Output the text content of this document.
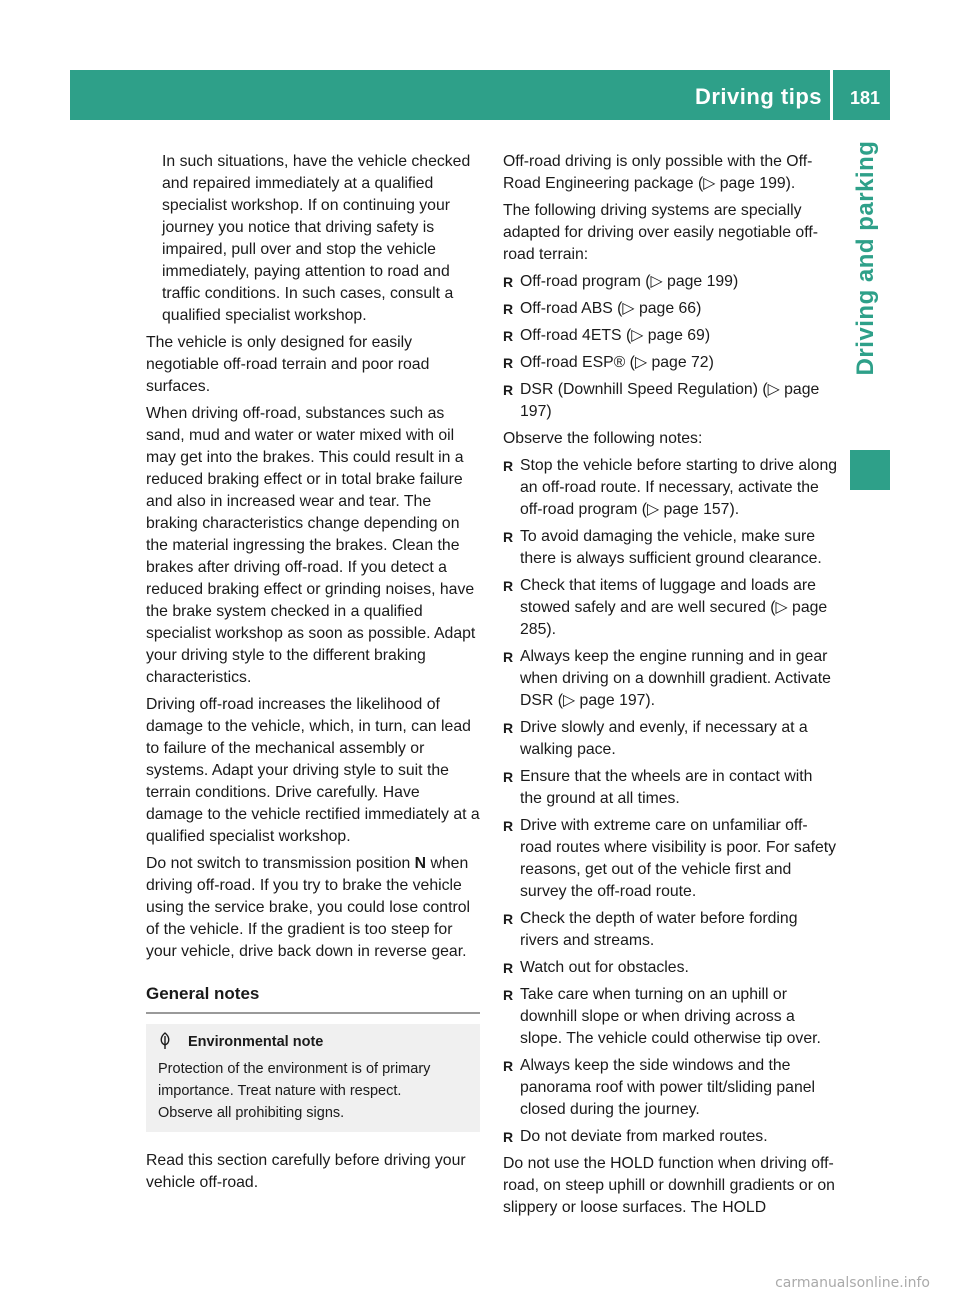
Driving tips	181
Driving and parking

In such situations, have the vehicle checked and repaired immediately at a qualified specialist workshop. If on continuing your journey you notice that driving safety is impaired, pull over and stop the vehicle immediately, paying attention to road and traffic conditions. In such cases, consult a qualified specialist workshop.

The vehicle is only designed for easily negotiable off-road terrain and poor road surfaces.

When driving off-road, substances such as sand, mud and water or water mixed with oil may get into the brakes. This could result in a reduced braking effect or in total brake failure and also in increased wear and tear. The braking characteristics change depending on the material ingressing the brakes. Clean the brakes after driving off-road. If you detect a reduced braking effect or grinding noises, have the brake system checked in a qualified specialist workshop as soon as possible. Adapt your driving style to the different braking characteristics.

Driving off-road increases the likelihood of damage to the vehicle, which, in turn, can lead to failure of the mechanical assembly or systems. Adapt your driving style to suit the terrain conditions. Drive carefully. Have damage to the vehicle rectified immediately at a qualified specialist workshop.

Do not switch to transmission position N when driving off-road. If you try to brake the vehicle using the service brake, you could lose control of the vehicle. If the gradient is too steep for your vehicle, drive back down in reverse gear.

General notes
Environmental note

Protection of the environment is of primary importance. Treat nature with respect.

Observe all prohibiting signs.

Read this section carefully before driving your vehicle off-road.

Off-road driving is only possible with the Off-Road Engineering package (▷ page 199).

The following driving systems are specially adapted for driving over easily negotiable off-road terrain:

R Off-road program (▷ page 199)
R Off-road ABS (▷ page 66)
R Off-road 4ETS (▷ page 69)
R Off-road ESP® (▷ page 72)
R DSR (Downhill Speed Regulation) (▷ page 197)

Observe the following notes:

R Stop the vehicle before starting to drive along an off-road route. If necessary, activate the off-road program (▷ page 157).
R To avoid damaging the vehicle, make sure there is always sufficient ground clearance.
R Check that items of luggage and loads are stowed safely and are well secured (▷ page 285).
R Always keep the engine running and in gear when driving on a downhill gradient. Activate DSR (▷ page 197).
R Drive slowly and evenly, if necessary at a walking pace.
R Ensure that the wheels are in contact with the ground at all times.
R Drive with extreme care on unfamiliar off-road routes where visibility is poor. For safety reasons, get out of the vehicle first and survey the off-road route.
R Check the depth of water before fording rivers and streams.
R Watch out for obstacles.
R Take care when turning on an uphill or downhill slope or when driving across a slope. The vehicle could otherwise tip over.
R Always keep the side windows and the panorama roof with power tilt/sliding panel closed during the journey.
R Do not deviate from marked routes.

Do not use the HOLD function when driving off-road, on steep uphill or downhill gradients or on slippery or loose surfaces. The HOLD

carmanualsonline.info
